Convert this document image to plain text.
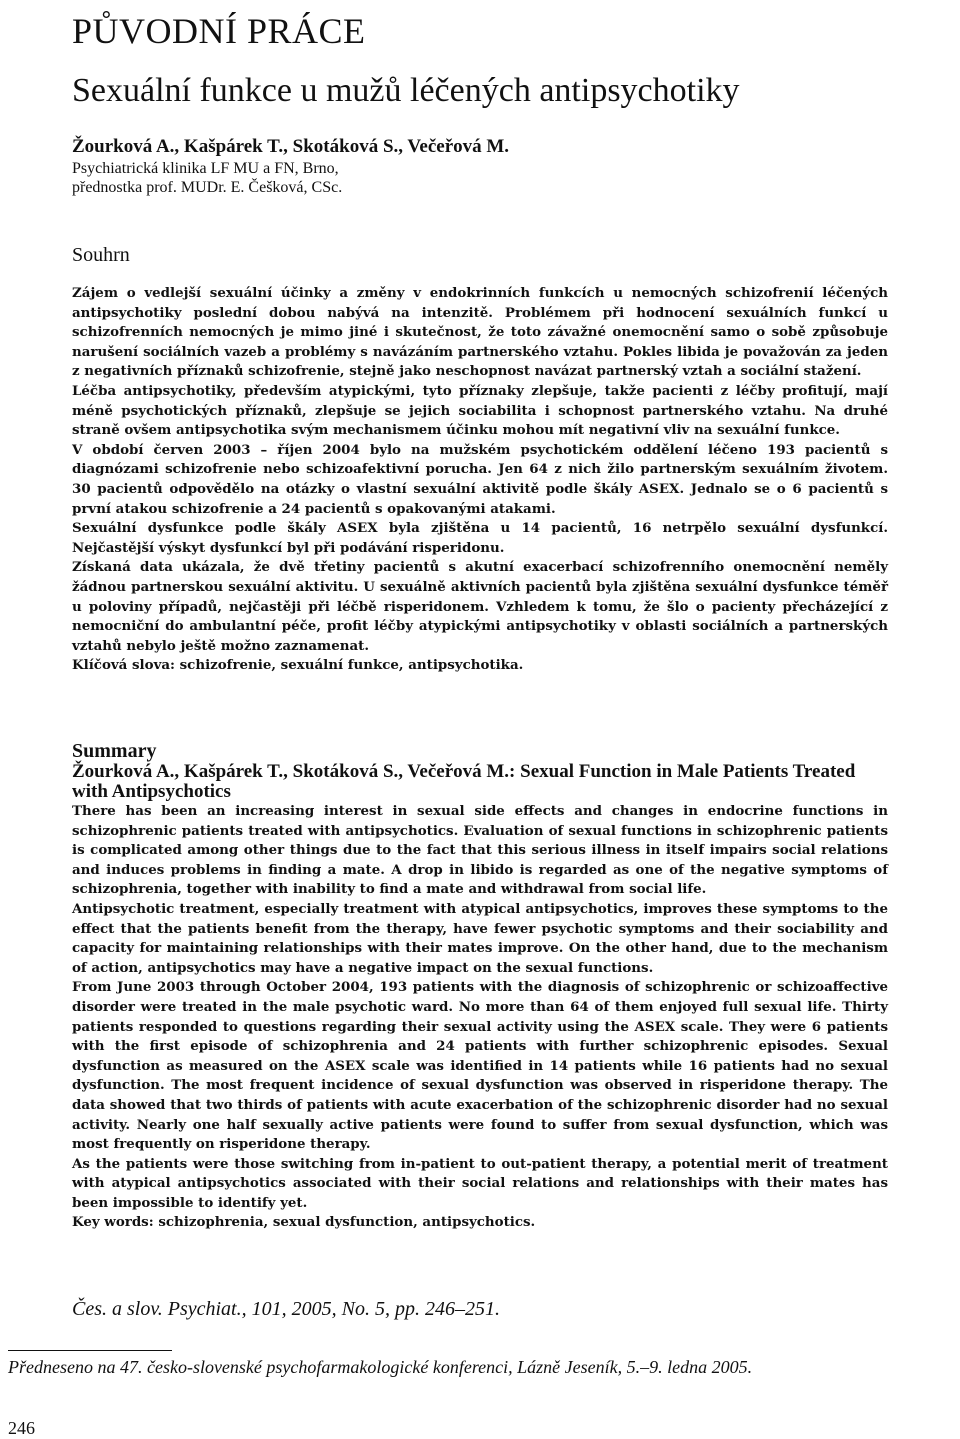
PŮVODNÍ PRÁCE
Sexuální funkce u mužů léčených antipsychotiky

Žourková A., Kašpárek T., Skotáková S., Večeřová M.

Psychiatrická klinika LF MU a FN, Brno,

přednostka prof. MUDr. E. Češková, CSc.

Souhrn

Zájem o vedlejší sexuální účinky a změny v endokrinních funkcích u nemocných schizofrenií léčených antipsychotiky poslední dobou nabývá na intenzitě. Problémem při hodnocení sexuálních funkcí u schizofrenních nemocných je mimo jiné i skutečnost, že toto závažné onemocnění samo o sobě způsobuje narušení sociálních vazeb a problémy s navázáním partnerského vztahu. Pokles libida je považován za jeden z negativních příznaků schizofrenie, stejně jako neschopnost navázat partnerský vztah a sociální stažení.

Léčba antipsychotiky, především atypickými, tyto příznaky zlepšuje, takže pacienti z léčby profitují, mají méně psychotických příznaků, zlepšuje se jejich sociabilita i schopnost partnerského vztahu. Na druhé straně ovšem antipsychotika svým mechanismem účinku mohou mít negativní vliv na sexuální funkce.

V období červen 2003 – říjen 2004 bylo na mužském psychotickém oddělení léčeno 193 pacientů s diagnózami schizofrenie nebo schizoafektivní porucha. Jen 64 z nich žilo partnerským sexuálním životem. 30 pacientů odpovědělo na otázky o vlastní sexuální aktivitě podle škály ASEX. Jednalo se o 6 pacientů s první atakou schizofrenie a 24 pacientů s opakovanými atakami.

Sexuální dysfunkce podle škály ASEX byla zjištěna u 14 pacientů, 16 netrpělo sexuální dysfunkcí. Nejčastější výskyt dysfunkcí byl při podávání risperidonu.

Získaná data ukázala, že dvě třetiny pacientů s akutní exacerbací schizofrenního onemocnění neměly žádnou partnerskou sexuální aktivitu. U sexuálně aktivních pacientů byla zjištěna sexuální dysfunkce téměř u poloviny případů, nejčastěji při léčbě risperidonem. Vzhledem k tomu, že šlo o pacienty přecházející z nemocniční do ambulantní péče, profit léčby atypickými antipsychotiky v oblasti sociálních a partnerských vztahů nebylo ještě možno zaznamenat.

Klíčová slova: schizofrenie, sexuální funkce, antipsychotika.

Summary

Žourková A., Kašpárek T., Skotáková S., Večeřová M.: Sexual Function in Male Patients Treated with Antipsychotics

There has been an increasing interest in sexual side effects and changes in endocrine functions in schizophrenic patients treated with antipsychotics. Evaluation of sexual functions in schizophrenic patients is complicated among other things due to the fact that this serious illness in itself impairs social relations and induces problems in finding a mate. A drop in libido is regarded as one of the negative symptoms of schizophrenia, together with inability to find a mate and withdrawal from social life.

Antipsychotic treatment, especially treatment with atypical antipsychotics, improves these symptoms to the effect that the patients benefit from the therapy, have fewer psychotic symptoms and their sociability and capacity for maintaining relationships with their mates improve. On the other hand, due to the mechanism of action, antipsychotics may have a negative impact on the sexual functions.

From June 2003 through October 2004, 193 patients with the diagnosis of schizophrenic or schizoaffective disorder were treated in the male psychotic ward. No more than 64 of them enjoyed full sexual life. Thirty patients responded to questions regarding their sexual activity using the ASEX scale. They were 6 patients with the first episode of schizophrenia and 24 patients with further schizophrenic episodes. Sexual dysfunction as measured on the ASEX scale was identified in 14 patients while 16 patients had no sexual dysfunction. The most frequent incidence of sexual dysfunction was observed in risperidone therapy. The data showed that two thirds of patients with acute exacerbation of the schizophrenic disorder had no sexual activity. Nearly one half sexually active patients were found to suffer from sexual dysfunction, which was most frequently on risperidone therapy.

As the patients were those switching from in-patient to out-patient therapy, a potential merit of treatment with atypical antipsychotics associated with their social relations and relationships with their mates has been impossible to identify yet.

Key words: schizophrenia, sexual dysfunction, antipsychotics.

Čes. a slov. Psychiat., 101, 2005, No. 5, pp. 246–251.

Předneseno na 47. česko-slovenské psychofarmakologické konferenci, Lázně Jeseník, 5.–9. ledna 2005.

246
